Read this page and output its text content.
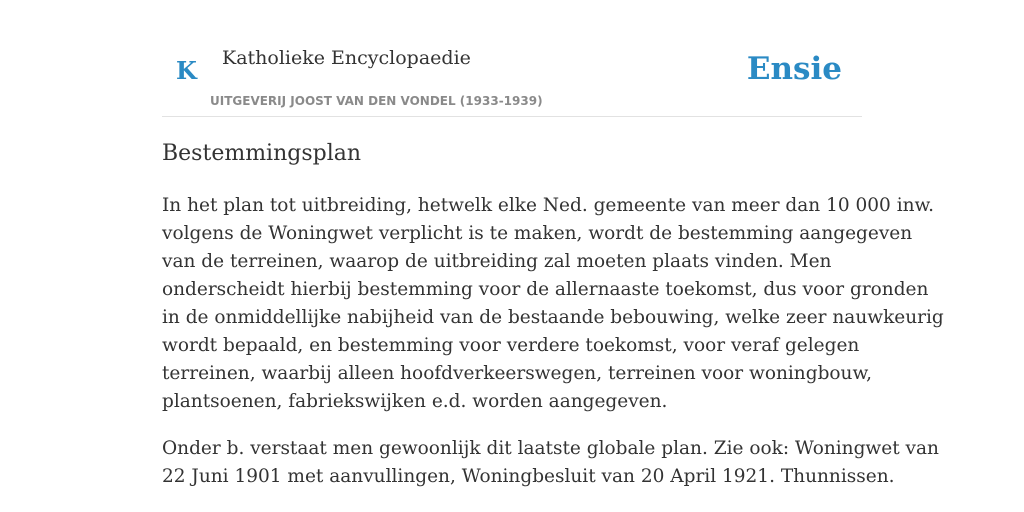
K Katholieke Encyclopaedie
UITGEVERIJ JOOST VAN DEN VONDEL (1933-1939)
Ensie
Bestemmingsplan

In het plan tot uitbreiding, hetwelk elke Ned. gemeente van meer dan 10 000 inw.
volgens de Woningwet verplicht is te maken, wordt de bestemming aangegeven
van de terreinen, waarop de uitbreiding zal moeten plaats vinden. Men
onderscheidt hierbij bestemming voor de allernaaste toekomst, dus voor gronden
in de onmiddellijke nabijheid van de bestaande bebouwing, welke zeer nauwkeurig
wordt bepaald, en bestemming voor verdere toekomst, voor veraf gelegen
terreinen, waarbij alleen hoofdverkeerswegen, terreinen voor woningbouw,
plantsoenen, fabriekswijken e.d. worden aangegeven.

Onder b. verstaat men gewoonlijk dit laatste globale plan. Zie ook: Woningwet van
22 Juni 1901 met aanvullingen, Woningbesluit van 20 April 1921. Thunnissen.
